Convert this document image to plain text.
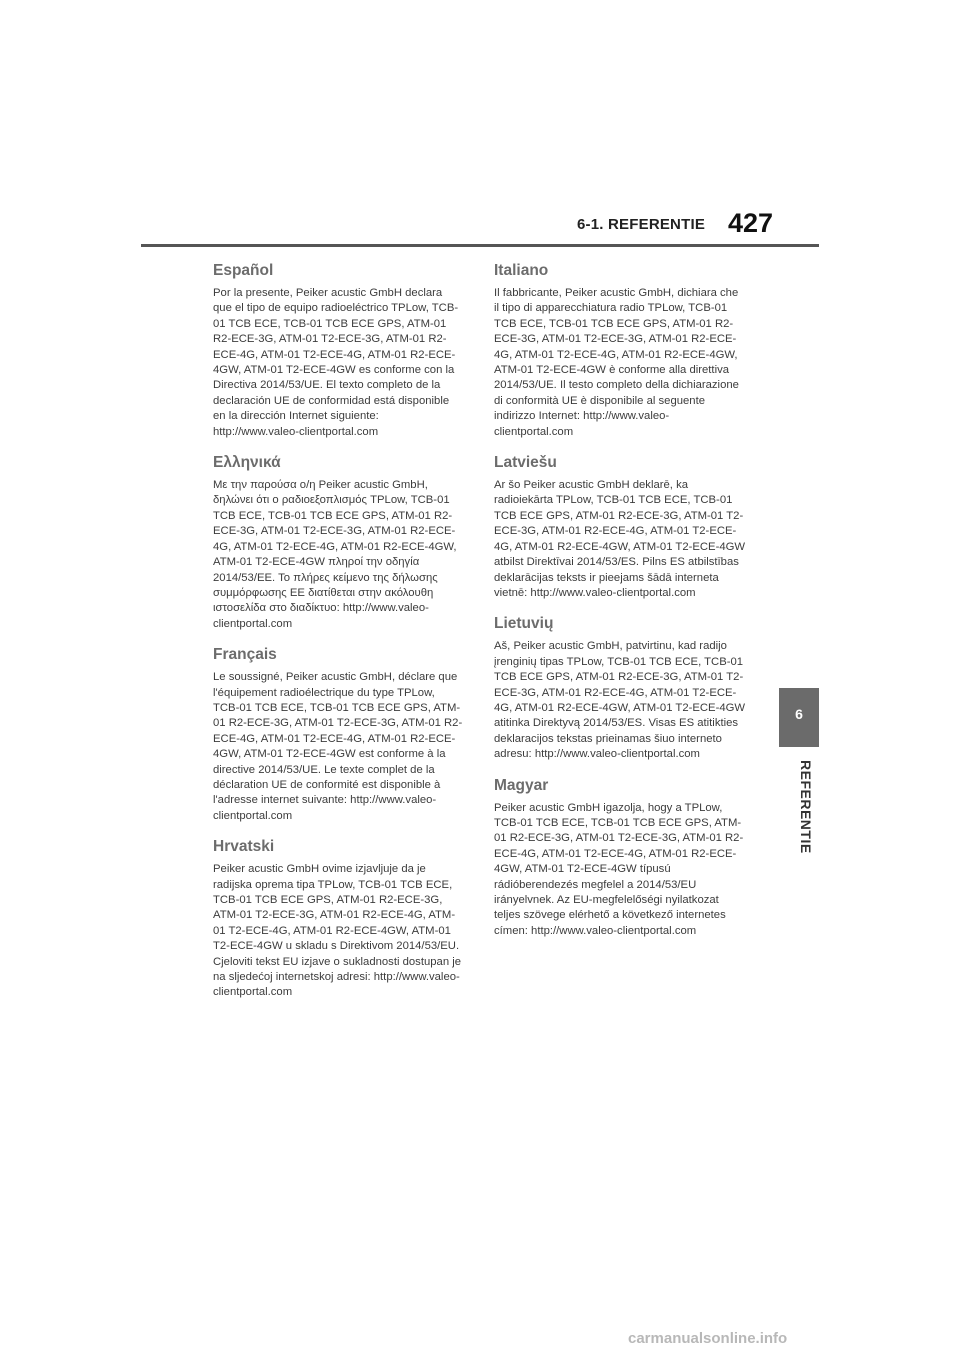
6-1. REFERENTIE 427
Español

Por la presente, Peiker acustic GmbH declara que el tipo de equipo radioeléctrico TPLow, TCB-01 TCB ECE, TCB-01 TCB ECE GPS, ATM-01 R2-ECE-3G, ATM-01 T2-ECE-3G, ATM-01 R2-ECE-4G, ATM-01 T2-ECE-4G, ATM-01 R2-ECE-4GW, ATM-01 T2-ECE-4GW es conforme con la Directiva 2014/53/UE. El texto completo de la declaración UE de conformidad está disponible en la dirección Internet siguiente: http://www.valeo-clientportal.com

Ελληνικά

Με την παρούσα ο/η Peiker acustic GmbH, δηλώνει ότι ο ραδιοεξοπλισμός TPLow, TCB-01 TCB ECE, TCB-01 TCB ECE GPS, ATM-01 R2-ECE-3G, ATM-01 T2-ECE-3G, ATM-01 R2-ECE-4G, ATM-01 T2-ECE-4G, ATM-01 R2-ECE-4GW, ATM-01 T2-ECE-4GW πληροί την οδηγία 2014/53/ΕΕ. Το πλήρες κείμενο της δήλωσης συμμόρφωσης ΕΕ διατίθεται στην ακόλουθη ιστοσελίδα στο διαδίκτυο: http://www.valeo-clientportal.com

Français

Le soussigné, Peiker acustic GmbH, déclare que l'équipement radioélectrique du type TPLow, TCB-01 TCB ECE, TCB-01 TCB ECE GPS, ATM-01 R2-ECE-3G, ATM-01 T2-ECE-3G, ATM-01 R2-ECE-4G, ATM-01 T2-ECE-4G, ATM-01 R2-ECE-4GW, ATM-01 T2-ECE-4GW est conforme à la directive 2014/53/UE. Le texte complet de la déclaration UE de conformité est disponible à l'adresse internet suivante: http://www.valeo-clientportal.com

Hrvatski

Peiker acustic GmbH ovime izjavljuje da je radijska oprema tipa TPLow, TCB-01 TCB ECE, TCB-01 TCB ECE GPS, ATM-01 R2-ECE-3G, ATM-01 T2-ECE-3G, ATM-01 R2-ECE-4G, ATM-01 T2-ECE-4G, ATM-01 R2-ECE-4GW, ATM-01 T2-ECE-4GW u skladu s Direktivom 2014/53/EU. Cjeloviti tekst EU izjave o sukladnosti dostupan je na sljedećoj internetskoj adresi: http://www.valeo-clientportal.com

Italiano

Il fabbricante, Peiker acustic GmbH, dichiara che il tipo di apparecchiatura radio TPLow, TCB-01 TCB ECE, TCB-01 TCB ECE GPS, ATM-01 R2-ECE-3G, ATM-01 T2-ECE-3G, ATM-01 R2-ECE-4G, ATM-01 T2-ECE-4G, ATM-01 R2-ECE-4GW, ATM-01 T2-ECE-4GW è conforme alla direttiva 2014/53/UE. Il testo completo della dichiarazione di conformità UE è disponibile al seguente indirizzo Internet: http://www.valeo-clientportal.com

Latviešu

Ar šo Peiker acustic GmbH deklarē, ka radioiekārta TPLow, TCB-01 TCB ECE, TCB-01 TCB ECE GPS, ATM-01 R2-ECE-3G, ATM-01 T2-ECE-3G, ATM-01 R2-ECE-4G, ATM-01 T2-ECE-4G, ATM-01 R2-ECE-4GW, ATM-01 T2-ECE-4GW atbilst Direktīvai 2014/53/ES. Pilns ES atbilstības deklarācijas teksts ir pieejams šādā interneta vietnē: http://www.valeo-clientportal.com

Lietuvių

Aš, Peiker acustic GmbH, patvirtinu, kad radijo įrenginių tipas TPLow, TCB-01 TCB ECE, TCB-01 TCB ECE GPS, ATM-01 R2-ECE-3G, ATM-01 T2-ECE-3G, ATM-01 R2-ECE-4G, ATM-01 T2-ECE-4G, ATM-01 R2-ECE-4GW, ATM-01 T2-ECE-4GW atitinka Direktyvą 2014/53/ES. Visas ES atitikties deklaracijos tekstas prieinamas šiuo interneto adresu: http://www.valeo-clientportal.com

Magyar

Peiker acustic GmbH igazolja, hogy a TPLow, TCB-01 TCB ECE, TCB-01 TCB ECE GPS, ATM-01 R2-ECE-3G, ATM-01 T2-ECE-3G, ATM-01 R2-ECE-4G, ATM-01 T2-ECE-4G, ATM-01 R2-ECE-4GW, ATM-01 T2-ECE-4GW típusú rádióberendezés megfelel a 2014/53/EU irányelvnek. Az EU-megfelelőségi nyilatkozat teljes szövege elérhető a következő internetes címen: http://www.valeo-clientportal.com

6
REFERENTIE
carmanualsonline.info
